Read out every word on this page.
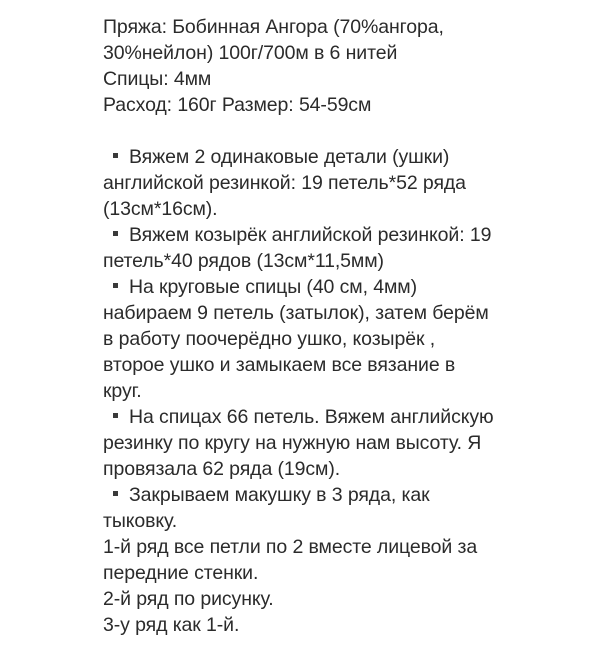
Пряжа: Бобинная Ангора (70%ангора,
30%нейлон) 100г/700м в 6 нитей
Спицы: 4мм
Расход: 160г Размер: 54-59см
Вяжем 2 одинаковые детали (ушки)
английской резинкой: 19 петель*52 ряда
(13см*16см).
Вяжем козырёк английской резинкой: 19
петель*40 рядов (13см*11,5мм)
На круговые спицы (40 см, 4мм)
набираем 9 петель (затылок), затем берём
в работу поочерёдно ушко, козырёк ,
второе ушко и замыкаем все вязание в
круг.
На спицах 66 петель. Вяжем английскую
резинку по кругу на нужную нам высоту. Я
провязала 62 ряда (19см).
Закрываем макушку в 3 ряда, как
тыковку.
1-й ряд все петли по 2 вместе лицевой за
передние стенки.
2-й ряд по рисунку.
3-у ряд как 1-й.
